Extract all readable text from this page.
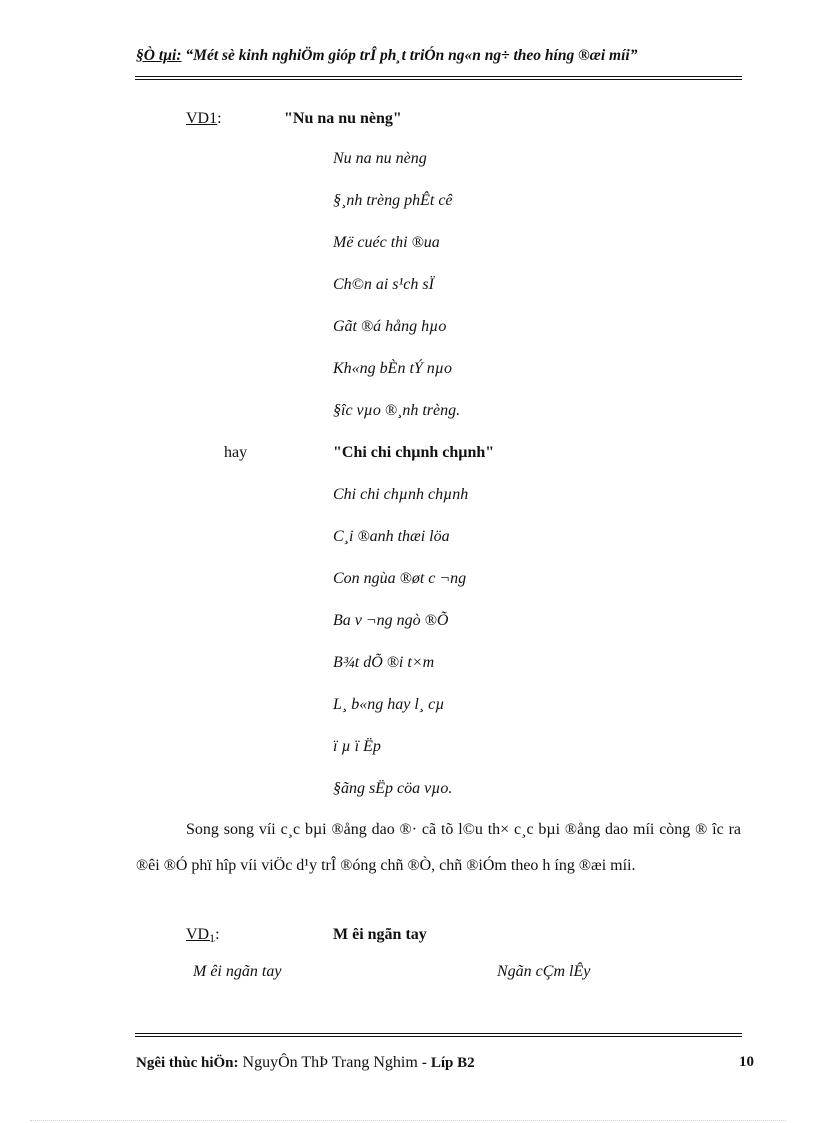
§Ò tµi: “Mét sè kinh nghiÖm gióp trÎ ph¸t triÓn ng«n ng÷ theo híng ®æi míi”
VD1:	"Nu na nu nèng"
Nu na nu nèng
§¸nh trèng phÊt cê
Më cuéc thi ®ua
Ch©n ai s¹ch sÏ
Gãt ®á hång hµo
Kh«ng bÈn tÝ nµo
§îc vµo ®¸nh trèng.
hay	"Chi chi chµnh chµnh"
Chi chi chµnh chµnh
C¸i ®anh thæi löa
Con ngùa ®øt c ¬ng
Ba v ¬ng ngò ®Õ
B¾t dÕ ®i t×m
L¸ b«ng hay l¸ cµ
ï µ ï Ëp
§ãng sËp cöa vµo.
Song song víi c¸c bµi ®ång dao ®· cã tõ l©u th× c¸c bµi ®ång dao míi còng ® îc ra ®êi ®Ó phï hîp víi viÖc d¹y trÎ ®óng chñ ®Ò, chñ ®iÓm theo h íng ®æi míi.
VD1:	M êi ngãn tay
M êi ngãn tay	Ngãn cÇm lÊy
Ngêi thùc hiÖn: NguyÔn ThÞ Trang Nghim - Líp B2	10
